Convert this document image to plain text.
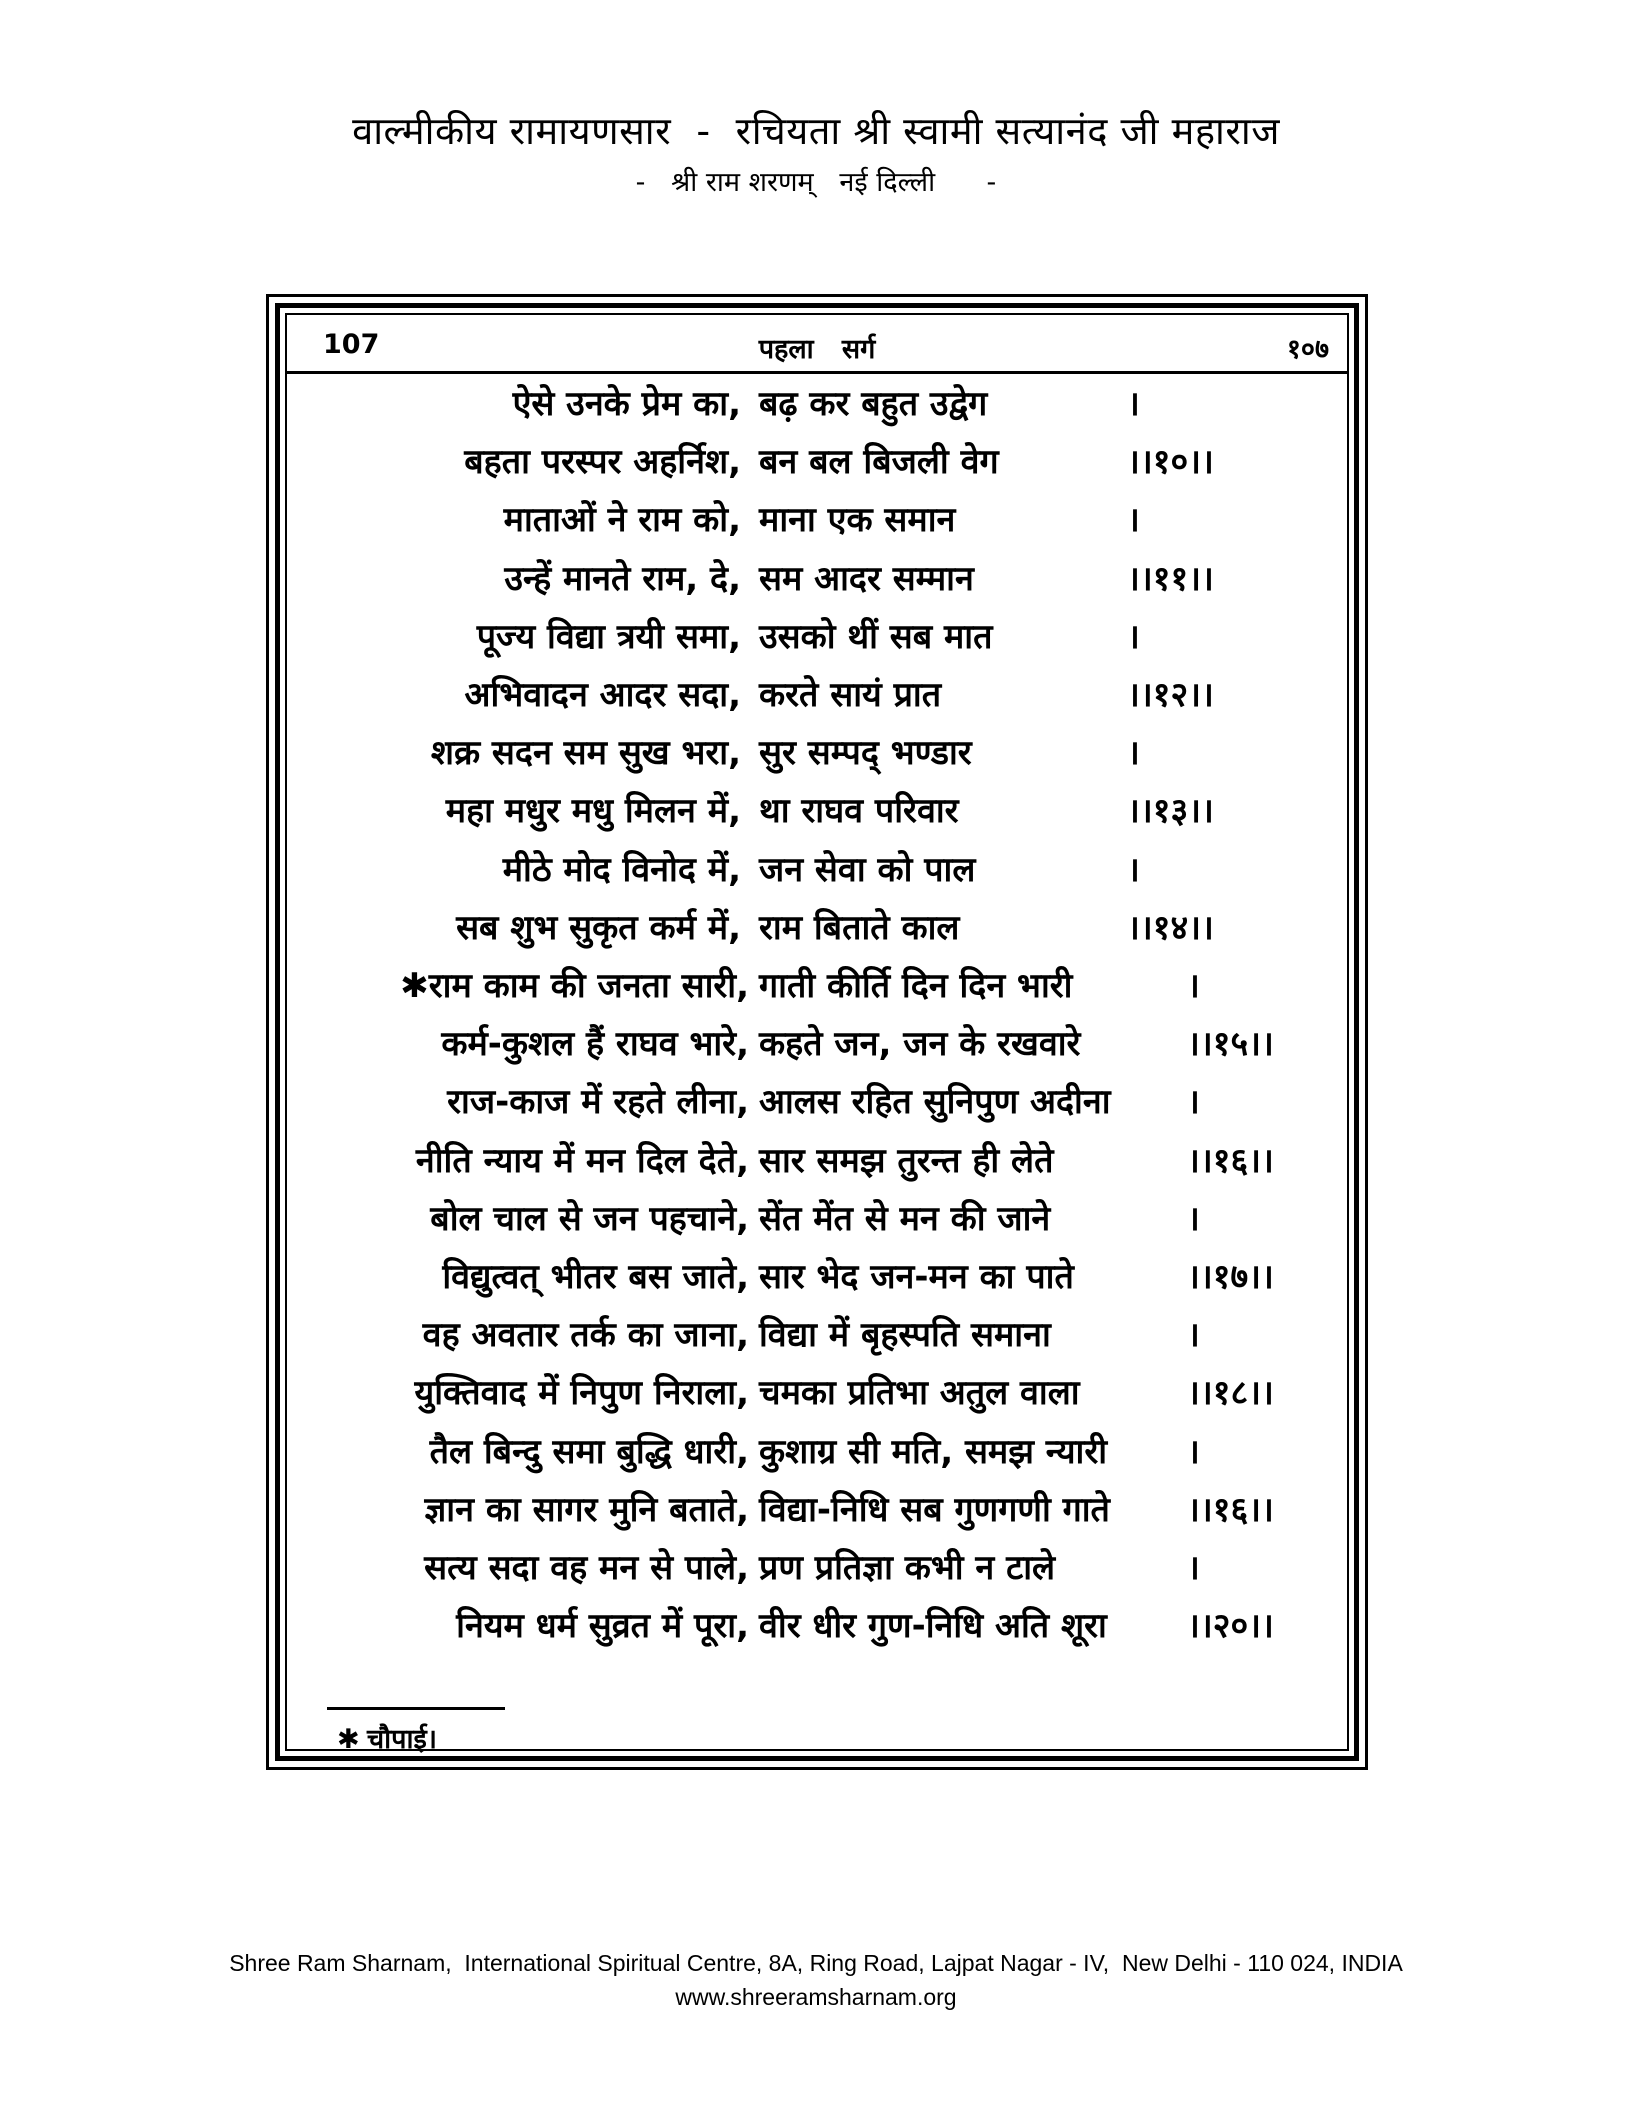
वाल्मीकीय रामायणसार  -  रचियता श्री स्वामी सत्यानंद जी महाराज
-   श्री राम शरणम्   नई दिल्ली      -
107	पहला   सर्ग	१०७
ऐसे उनके प्रेम का, बढ़ कर बहुत उद्वेग	।
बहता परस्पर अहर्निश, बन बल बिजली वेग	।।१०।।
माताओं ने राम को, माना एक समान	।
उन्हें मानते राम, दे, सम आदर सम्मान	।।११।।
पूज्य विद्या त्रयी समा, उसको थीं सब मात	।
अभिवादन आदर सदा, करते सायं प्रात	।।१२।।
शक्र सदन सम सुख भरा, सुर सम्पद् भण्डार	।
महा मधुर मधु मिलन में, था राघव परिवार	।।१३।।
मीठे मोद विनोद में, जन सेवा को पाल	।
सब शुभ सुकृत कर्म में, राम बिताते काल	।।१४।।
✱राम काम की जनता सारी, गाती कीर्ति दिन दिन भारी	।
कर्म-कुशल हैं राघव भारे, कहते जन, जन के रखवारे	।।१५।।
राज-काज में रहते लीना, आलस रहित सुनिपुण अदीना ।
नीति न्याय में मन दिल देते, सार समझ तुरन्त ही लेते	।।१६।।
बोल चाल से जन पहचाने, सेंत मेंत से मन की जाने	।
विद्युत्वत् भीतर बस जाते, सार भेद जन-मन का पाते	।।१७।।
वह अवतार तर्क का जाना, विद्या में बृहस्पति समाना	।
युक्तिवाद में निपुण निराला, चमका प्रतिभा अतुल वाला	।।१८।।
तैल बिन्दु समा बुद्धि धारी, कुशाग्र सी मति, समझ न्यारी ।
ज्ञान का सागर मुनि बताते, विद्या-निधि सब गुणगणी गाते ।।१६।।
सत्य सदा वह मन से पाले, प्रण प्रतिज्ञा कभी न टाले	।
नियम धर्म सुव्रत में पूरा, वीर धीर गुण-निधि अति शूरा ।।२०।।
✱ चौपाई।
Shree Ram Sharnam,  International Spiritual Centre, 8A, Ring Road, Lajpat Nagar - IV,  New Delhi - 110 024, INDIA
www.shreeramsharnam.org
